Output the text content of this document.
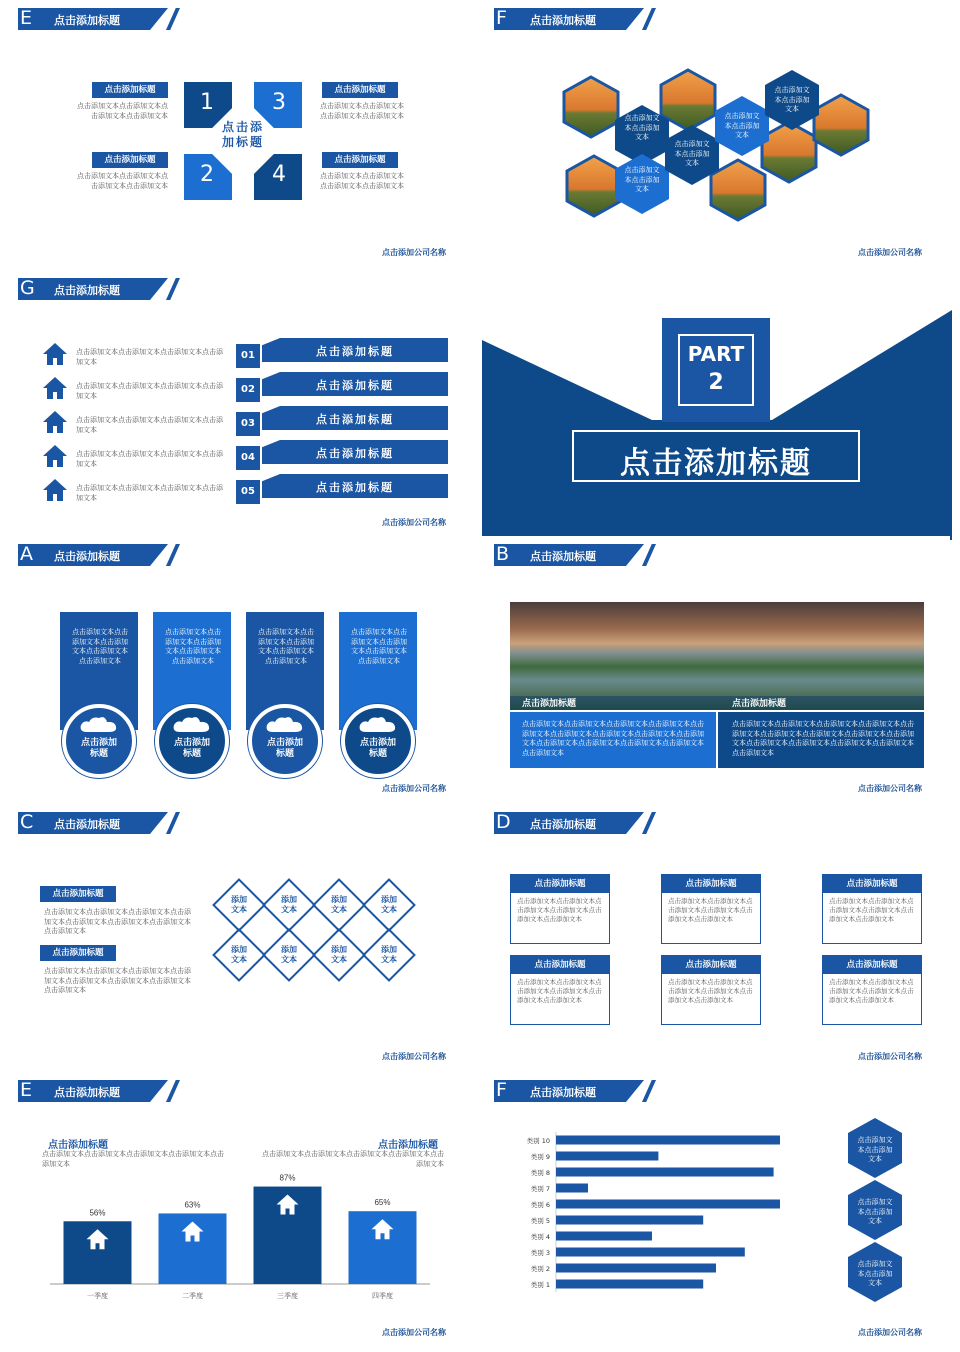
E 点击添加标题
1	3
2	4
点击添加标题
点击添加标题
点击添加文本点击添加文本点击添加文本点击添加文本
点击添加标题
点击添加文本点击添加文本点击添加文本点击添加文本
点击添加标题
点击添加文本点击添加文本点击添加文本点击添加文本
点击添加标题
点击添加文本点击添加文本点击添加文本点击添加文本
点击添加公司名称
F 点击添加标题
点击添加文本点击添加文本
点击添加文本点击添加文本
点击添加文本点击添加文本
点击添加文本点击添加文本
点击添加文本点击添加文本
点击添加公司名称
G 点击添加标题
点击添加文本点击添加文本点击添加文本点击添加文本
01	点击添加标题
点击添加文本点击添加文本点击添加文本点击添加文本
02	点击添加标题
点击添加文本点击添加文本点击添加文本点击添加文本
03	点击添加标题
点击添加文本点击添加文本点击添加文本点击添加文本
04	点击添加标题
点击添加文本点击添加文本点击添加文本点击添加文本
05	点击添加标题
点击添加公司名称
PART
2
点击添加标题
A 点击添加标题
点击添加文本点击添加文本点击添加文本点击添加文本点击添加文本
点击添加标题
点击添加文本点击添加文本点击添加文本点击添加文本点击添加文本
点击添加标题
点击添加文本点击添加文本点击添加文本点击添加文本点击添加文本
点击添加标题
点击添加文本点击添加文本点击添加文本点击添加文本点击添加文本
点击添加标题
点击添加公司名称
B 点击添加标题
点击添加标题	点击添加标题
点击添加文本点击添加文本点击添加文本点击添加文本点击添加文本点击添加文本点击添加文本点击添加文本点击添加文本点击添加文本点击添加文本点击添加文本点击添加文本点击添加文本
点击添加文本点击添加文本点击添加文本点击添加文本点击添加文本点击添加文本点击添加文本点击添加文本点击添加文本点击添加文本点击添加文本点击添加文本点击添加文本点击添加文本
点击添加公司名称
C 点击添加标题
点击添加标题
点击添加文本点击添加文本点击添加文本点击添加文本点击添加文本点击添加文本点击添加文本点击添加文本
点击添加标题
点击添加文本点击添加文本点击添加文本点击添加文本点击添加文本点击添加文本点击添加文本点击添加文本
添加文本
添加文本
添加文本
添加文本
添加文本
添加文本
添加文本
添加文本
点击添加公司名称
D 点击添加标题
点击添加标题
点击添加文本点击添加文本点击添加文本点击添加文本点击添加文本点击添加文本
点击添加标题
点击添加文本点击添加文本点击添加文本点击添加文本点击添加文本点击添加文本
点击添加标题
点击添加文本点击添加文本点击添加文本点击添加文本点击添加文本点击添加文本
点击添加标题
点击添加文本点击添加文本点击添加文本点击添加文本点击添加文本点击添加文本
点击添加标题
点击添加文本点击添加文本点击添加文本点击添加文本点击添加文本点击添加文本
点击添加标题
点击添加文本点击添加文本点击添加文本点击添加文本点击添加文本点击添加文本
点击添加公司名称
E 点击添加标题
点击添加标题
点击添加文本点击添加文本点击添加文本点击添加文本点击添加文本
点击添加标题
点击添加文本点击添加文本点击添加文本点击添加文本点击添加文本
56%
一季度
63%
二季度
87%
三季度
65%
四季度
点击添加公司名称
F 点击添加标题
类别 10
类别 9
类别 8
类别 7
类别 6
类别 5
类别 4
类别 3
类别 2
类别 1
点击添加文本点击添加文本
点击添加文本点击添加文本
点击添加文本点击添加文本
点击添加公司名称
